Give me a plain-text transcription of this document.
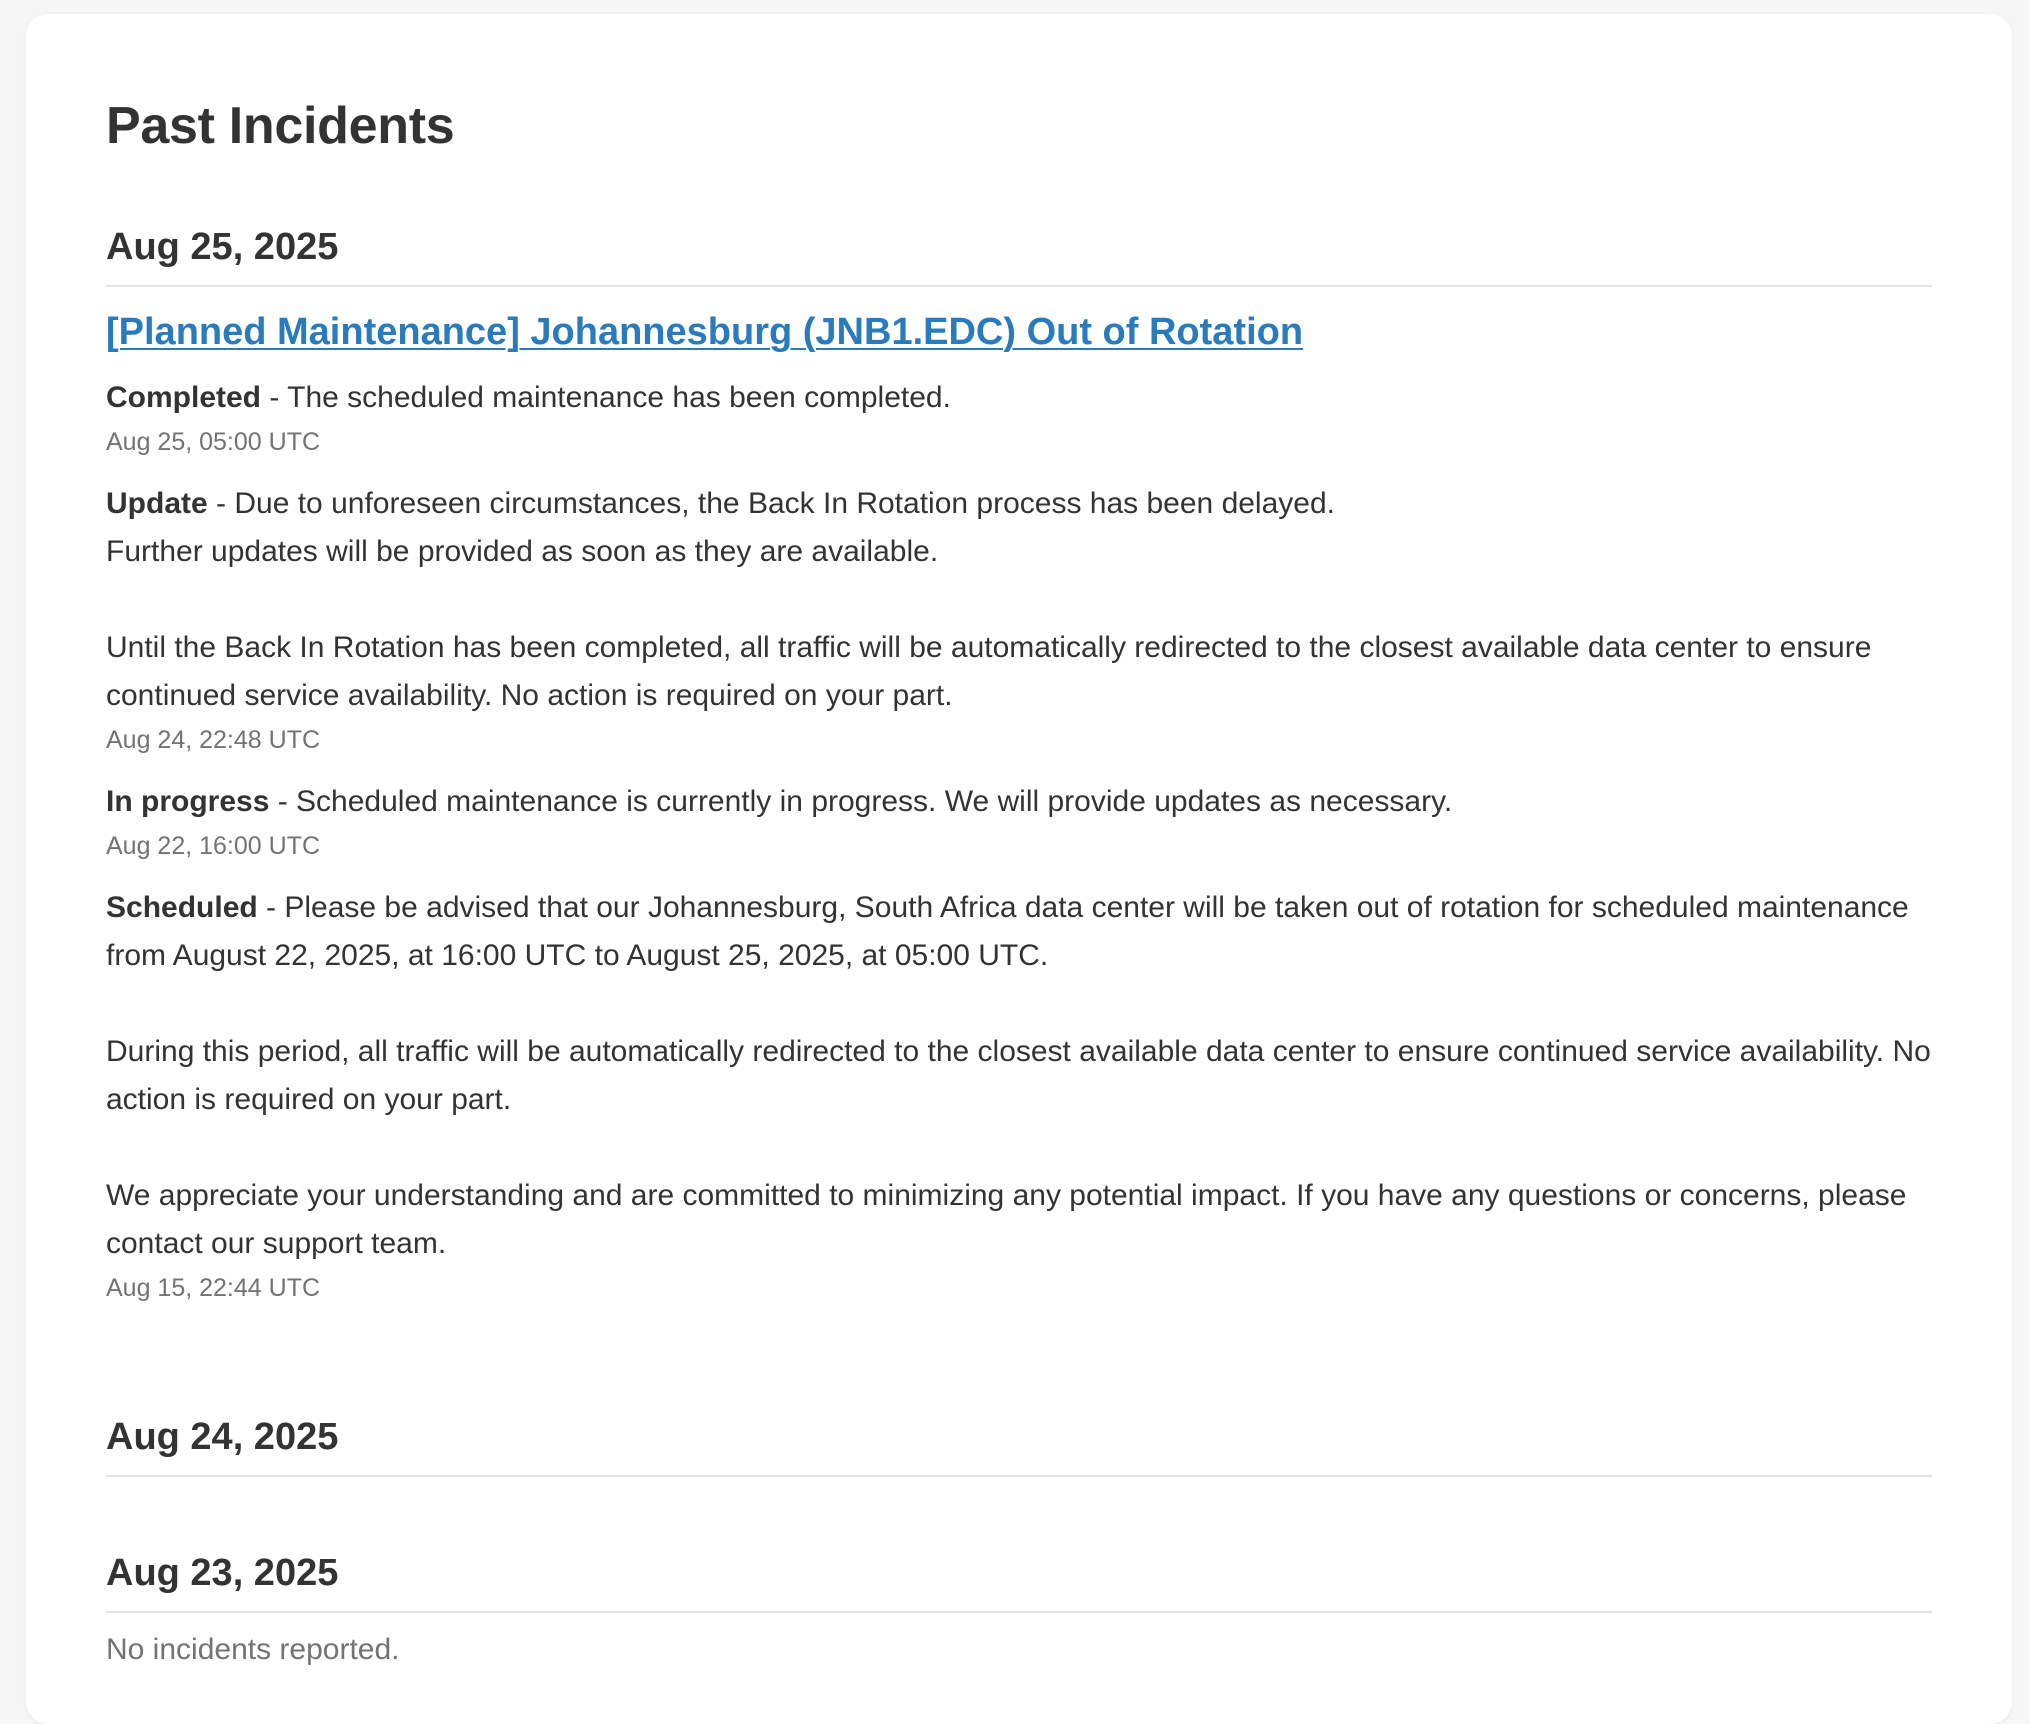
Past Incidents
Aug 25, 2025
[Planned Maintenance] Johannesburg (JNB1.EDC) Out of Rotation
Completed - The scheduled maintenance has been completed.
Aug 25, 05:00 UTC
Update - Due to unforeseen circumstances, the Back In Rotation process has been delayed.
Further updates will be provided as soon as they are available.

Until the Back In Rotation has been completed, all traffic will be automatically redirected to the closest available data center to ensure continued service availability. No action is required on your part.
Aug 24, 22:48 UTC
In progress - Scheduled maintenance is currently in progress. We will provide updates as necessary.
Aug 22, 16:00 UTC
Scheduled - Please be advised that our Johannesburg, South Africa data center will be taken out of rotation for scheduled maintenance from August 22, 2025, at 16:00 UTC to August 25, 2025, at 05:00 UTC.

During this period, all traffic will be automatically redirected to the closest available data center to ensure continued service availability. No action is required on your part.

We appreciate your understanding and are committed to minimizing any potential impact. If you have any questions or concerns, please contact our support team.
Aug 15, 22:44 UTC
Aug 24, 2025
Aug 23, 2025
No incidents reported.
